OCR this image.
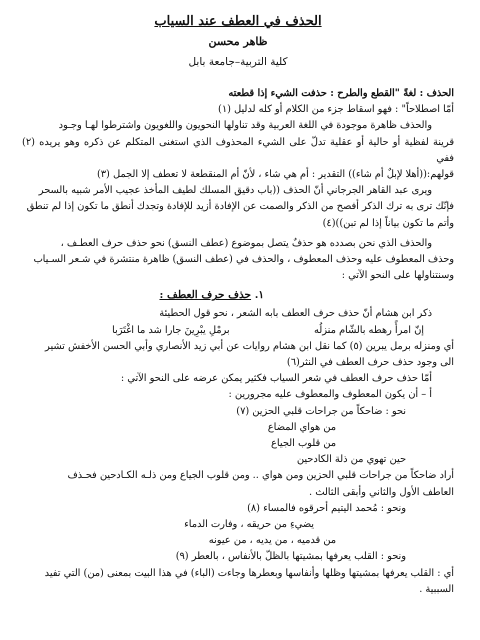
الحذف في العطف عند السياب
ظاهر محسن
كلية التربية–جامعة بابل

الحذف : لغةً "القطع والطرح : حذفت الشيء إذا قطعته

أمّا اصطلاحاً" : فهو اسقاط جزء من الكلام أو كله لدليل (١)

والحذف ظاهرة موجودة في اللغة العربية وقد تناولها النحويون واللغويون واشترطوا لهـا وجـود

قرينة لفظية أو حالية أو عقلية تدلّ على الشيء المحذوف الذي استغنى المتكلم عن ذكره وهو يريده (٢) ففي

قولهم:((أهلا لإبلٌ أم شاء)) التقدير : أم هي شاء ، لأنّ أم المنقطعة لا تعطف إلا الجمل (٣)

ويرى عبد القاهر الجرجاني أنّ الحذف ((باب دقيق المسلك لطيف المأخذ عجيب الأمر شبيه بالسحر

فإنّك ترى به ترك الذكر أفصح من الذكر والصمت عن الإفادة أزيد للإفادة وتجدك أنطق ما تكون إذا لم تنطق

وأتم ما تكون بياناً إذا لم تبن))(٤)

والحذف الذي نحن بصدده هو حذفٌ يتصل بموضوع (عطف النسق) نحو حذف حرف العطـف ،

وحذف المعطوف عليه وحذف المعطوف ، والحذف في (عطف النسق) ظاهرة منتشرة في شـعر السـياب

وسنتناولها على النحو الآتي :

١. حذف حرف العطف :

ذكر ابن هشام أنّ حذف حرف العطف بابه الشعر ، نحو قول الحطيئة

إنّ امرأً رهطه بالشّام منزلُه
برمْلِ يبْرِينَ جارا شد ما اغْتَرَبا

أي ومنزله برمل يبرين (٥) كما نقل ابن هشام روايات عن أبي زيد الأنصاري وأبي الحسن الأخفش تشير

الى وجود حذف حرف العطف في النثر(٦)

أمّا حذف حرف العطف في شعر السياب فكثير يمكن عرضه على النحو الآتي :

أ – أن يكون المعطوف والمعطوف عليه مجرورين :

نحو : ضاحكاً من جراحات قلبي الحزين (٧)

من هواي المضاع

من قلوب الجياع

حين تهوي من ذلة الكادحين

أراد ضاحكاً من جراحات قلبي الحزين ومن هواي .. ومن قلوب الجياع ومن ذلـه الكـادحين فحـذف

العاطف الأول والثاني وأبقى الثالث .

ونحو : مُحمد اليتيم أحرقوه فالمساء (٨)

يضيءِ من حريقه ، وفارت الدماء

من قدميه ، من يديه ، من عيونه

ونحو : القلب يعرفها بمشيتها بالظلّ بالأنفاس ، بالعطر (٩)

أي : القلب يعرفها بمشيتها وظلها وأنفاسها وبعطرها وجاءت (الباء) في هذا البيت بمعنى (من) التي تفيد

السببية .
